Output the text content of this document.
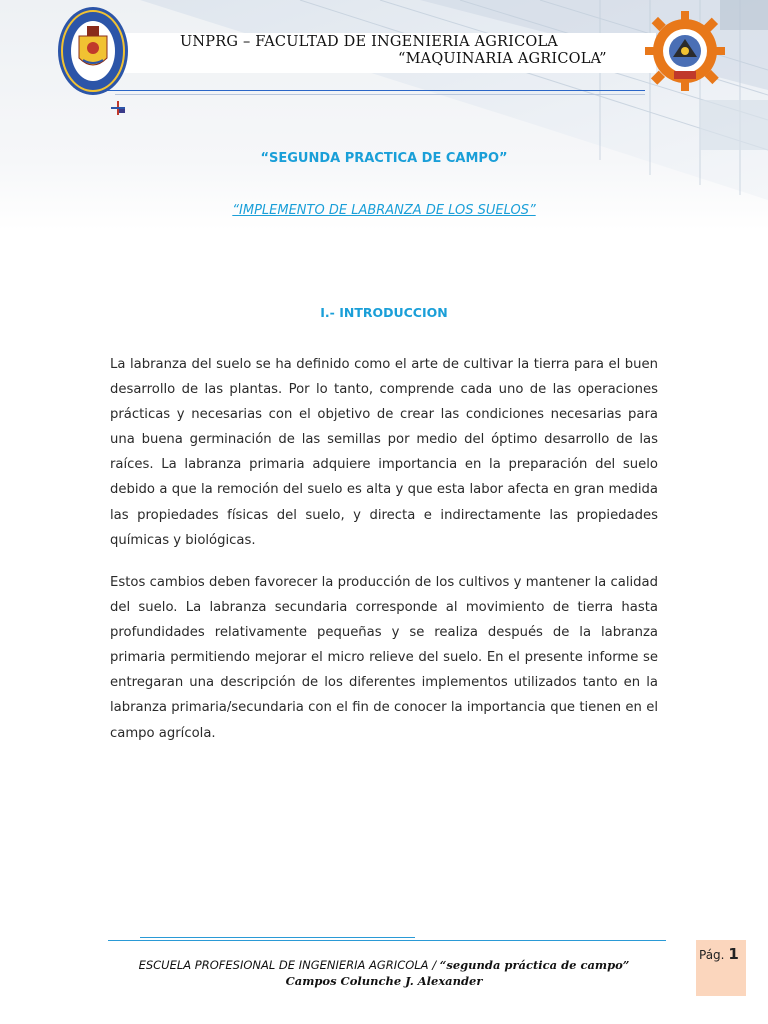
UNPRG – FACULTAD DE INGENIERIA AGRICOLA
“MAQUINARIA AGRICOLA”
“SEGUNDA PRACTICA DE CAMPO”
“IMPLEMENTO DE LABRANZA DE LOS SUELOS”
I.- INTRODUCCION

La labranza del suelo se ha definido como el arte de cultivar la tierra para el buen desarrollo de las plantas. Por lo tanto, comprende cada uno de las operaciones prácticas y necesarias con el objetivo de crear las condiciones necesarias para una buena germinación de las semillas por medio del óptimo desarrollo de las raíces. La labranza primaria adquiere importancia en la preparación del suelo debido a que la remoción del suelo es alta y que esta labor afecta en gran medida las propiedades físicas del suelo, y directa e indirectamente las propiedades químicas y biológicas.

Estos cambios deben favorecer la producción de los cultivos y mantener la calidad del suelo. La labranza secundaria corresponde al movimiento de tierra hasta profundidades relativamente pequeñas y se realiza después de la labranza primaria permitiendo mejorar el micro relieve del suelo. En el presente informe se entregaran una descripción de los diferentes implementos utilizados tanto en la labranza primaria/secundaria con el fin de conocer la importancia que tienen en el campo agrícola.

ESCUELA PROFESIONAL DE INGENIERIA AGRICOLA / “segunda práctica de campo”
Campos Colunche J. Alexander
Pág. 1
